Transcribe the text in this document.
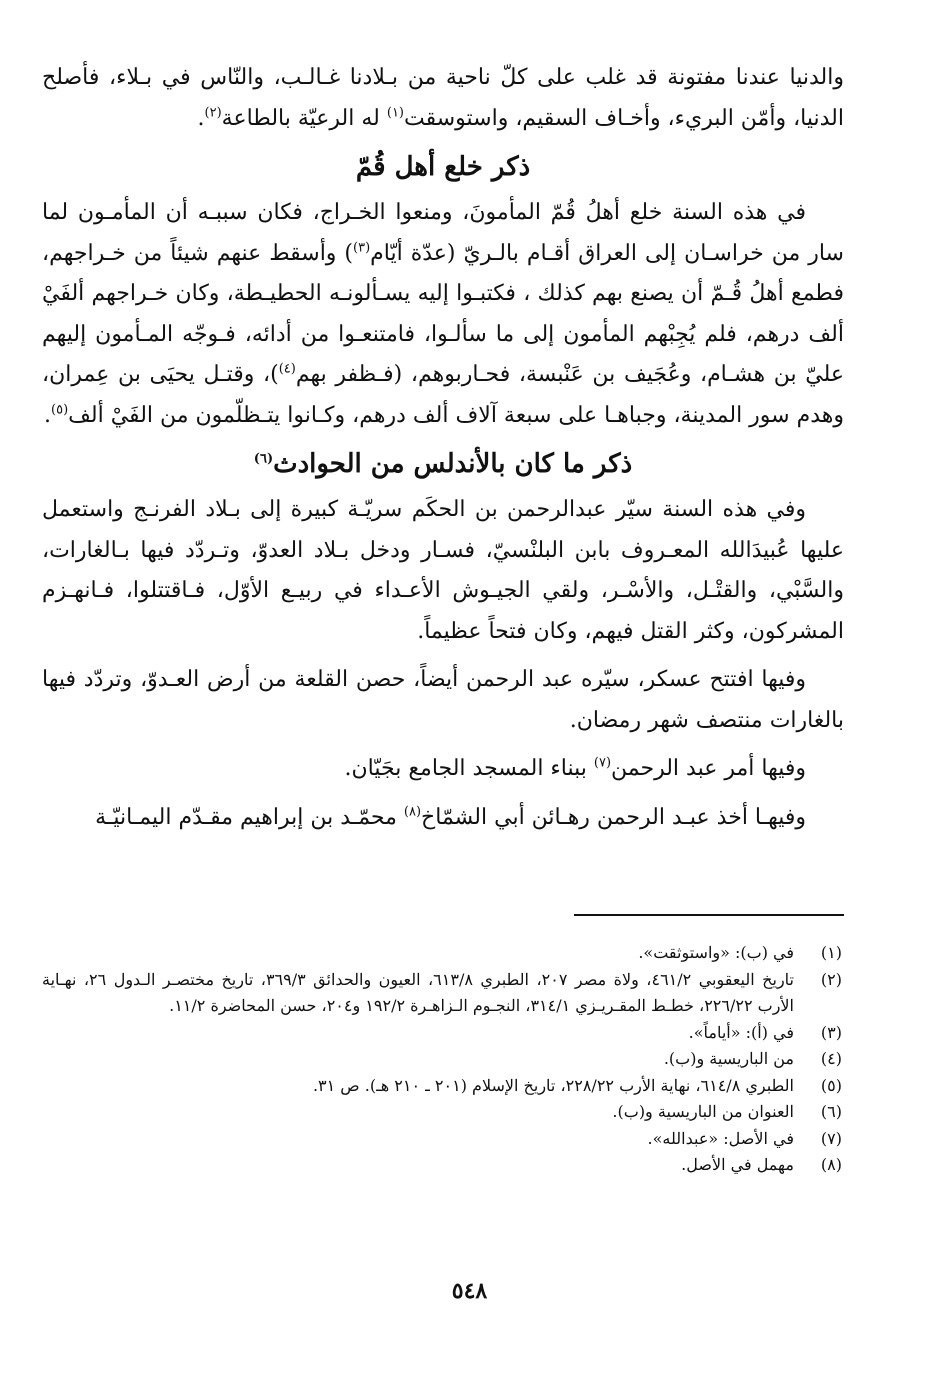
والدنيا عندنا مفتونة قد غلب على كلّ ناحية من بـلادنا غـالـب، والنّاس في بـلاء، فأصلح الدنيا، وأمّن البريء، وأخـاف السقيم، واستوسقت$^{(١)}$ له الرعيّة بالطاعة$^{(٢)}$.

ذكر خلع أهل قُمّ

في هذه السنة خلع أهلُ قُمّ المأمونَ، ومنعوا الخـراج، فكان سببـه أن المأمـون لما سار من خراسـان إلى العراق أقـام بالـريّ (عدّة أيّام$^{(٣)}$) وأسقط عنهم شيئاً من خـراجهم، فطمع أهلُ قُـمّ أن يصنع بهم كذلك ، فكتبـوا إليه يسـألونـه الحطيـطة، وكان خـراجهم ألفَيْ ألف درهم، فلم يُجِبْهم المأمون إلى ما سألـوا، فامتنعـوا من أدائه، فـوجّه المـأمون إليهم عليّ بن هشـام، وعُجَيف بن عَنْبسة، فحـاربوهم، (فـظفر بهم$^{(٤)}$)، وقتـل يحيَى بن عِمران، وهدم سور المدينة، وجباهـا على سبعة آلاف ألف درهم، وكـانوا يتـظلّمون من الفَيْ ألف$^{(٥)}$.

ذكر ما كان بالأندلس من الحوادث$^{(٦)}$

وفي هذه السنة سيّر عبدالرحمن بن الحكَم سريّـة كبيرة إلى بـلاد الفرنـج واستعمل عليها عُبيدَالله المعـروف بابن البلنْسيّ، فسـار ودخل بـلاد العدوّ، وتـردّد فيها بـالغارات، والسَّبْي، والقتْـل، والأسْـر، ولقي الجيـوش الأعـداء في ربيـع الأوّل، فـاقتتلوا، فـانهـزم المشركون، وكثر القتل فيهم، وكان فتحاً عظيماً.

وفيها افتتح عسكر، سيّره عبد الرحمن أيضاً، حصن القلعة من أرض العـدوّ، وتردّد فيها بالغارات منتصف شهر رمضان.

وفيها أمر عبد الرحمن$^{(٧)}$ ببناء المسجد الجامع بجَيّان.

وفيهـا أخذ عبـد الرحمن رهـائن أبي الشمّاخ$^{(٨)}$ محمّـد بن إبراهيم مقـدّم اليمـانيّـة

(١)
في (ب): «واستوثقت».
(٢)
تاريخ اليعقوبي ٤٦١/٢، ولاة مصر ٢٠٧، الطبري ٦١٣/٨، العيون والحدائق ٣٦٩/٣، تاريخ مختصـر الـدول ٢٦، نهـاية الأرب ٢٢٦/٢٢، خطـط المقـريـزي ٣١٤/١، النجـوم الـزاهـرة ١٩٢/٢ و٢٠٤، حسن المحاضرة ١١/٢.
(٣)
في (أ): «أياماً».
(٤)
من الباريسية و(ب).
(٥)
الطبري ٦١٤/٨، نهاية الأرب ٢٢٨/٢٢، تاريخ الإسلام (٢٠١ ـ ٢١٠ هـ). ص ٣١.
(٦)
العنوان من الباريسية و(ب).
(٧)
في الأصل: «عبدالله».
(٨)
مهمل في الأصل.
٥٤٨
